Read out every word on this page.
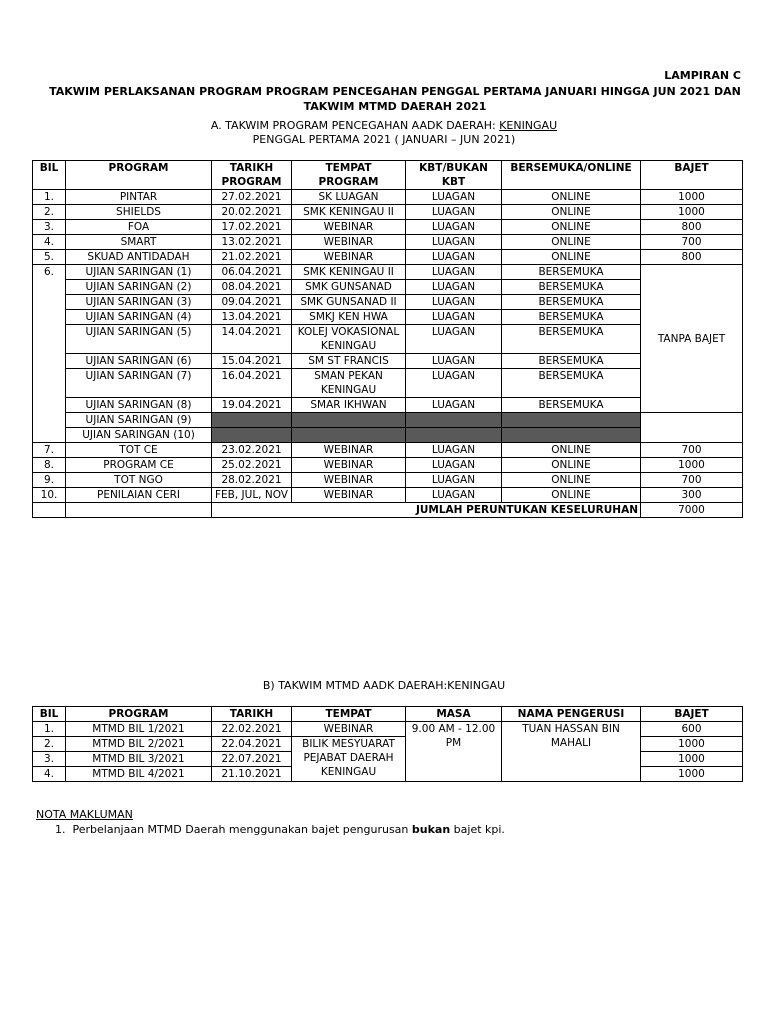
LAMPIRAN C
TAKWIM PERLAKSANAN PROGRAM PROGRAM PENCEGAHAN PENGGAL PERTAMA JANUARI HINGGA JUN 2021 DAN
TAKWIM MTMD DAERAH 2021
A. TAKWIM PROGRAM PENCEGAHAN AADK DAERAH: KENINGAU
PENGGAL PERTAMA 2021 ( JANUARI – JUN 2021)
BIL	PROGRAM	TARIKH PROGRAM	TEMPAT PROGRAM	KBT/BUKAN KBT	BERSEMUKA/ONLINE	BAJET
1.	PINTAR	27.02.2021	SK LUAGAN	LUAGAN	ONLINE	1000
2.	SHIELDS	20.02.2021	SMK KENINGAU II	LUAGAN	ONLINE	1000
3.	FOA	17.02.2021	WEBINAR	LUAGAN	ONLINE	800
4.	SMART	13.02.2021	WEBINAR	LUAGAN	ONLINE	700
5.	SKUAD ANTIDADAH	21.02.2021	WEBINAR	LUAGAN	ONLINE	800
6.	UJIAN SARINGAN (1)	06.04.2021	SMK KENINGAU II	LUAGAN	BERSEMUKA	TANPA BAJET
	UJIAN SARINGAN (2)	08.04.2021	SMK GUNSANAD	LUAGAN	BERSEMUKA	
	UJIAN SARINGAN (3)	09.04.2021	SMK GUNSANAD II	LUAGAN	BERSEMUKA	
	UJIAN SARINGAN (4)	13.04.2021	SMKJ KEN HWA	LUAGAN	BERSEMUKA	
	UJIAN SARINGAN (5)	14.04.2021	KOLEJ VOKASIONAL KENINGAU	LUAGAN	BERSEMUKA	
	UJIAN SARINGAN (6)	15.04.2021	SM ST FRANCIS	LUAGAN	BERSEMUKA	
	UJIAN SARINGAN (7)	16.04.2021	SMAN PEKAN KENINGAU	LUAGAN	BERSEMUKA	
	UJIAN SARINGAN (8)	19.04.2021	SMAR IKHWAN	LUAGAN	BERSEMUKA	
	UJIAN SARINGAN (9)					
	UJIAN SARINGAN (10)					
7.	TOT CE	23.02.2021	WEBINAR	LUAGAN	ONLINE	700
8.	PROGRAM CE	25.02.2021	WEBINAR	LUAGAN	ONLINE	1000
9.	TOT NGO	28.02.2021	WEBINAR	LUAGAN	ONLINE	700
10.	PENILAIAN CERI	FEB, JUL, NOV	WEBINAR	LUAGAN	ONLINE	300
		JUMLAH PERUNTUKAN KESELURUHAN				7000
B) TAKWIM MTMD AADK DAERAH:KENINGAU
BIL	PROGRAM	TARIKH	TEMPAT	MASA	NAMA PENGERUSI	BAJET
1.	MTMD BIL 1/2021	22.02.2021	WEBINAR	9.00 AM - 12.00 PM	TUAN HASSAN BIN MAHALI	600
2.	MTMD BIL 2/2021	22.04.2021	BILIK MESYUARAT PEJABAT DAERAH KENINGAU			1000
3.	MTMD BIL 3/2021	22.07.2021				1000
4.	MTMD BIL 4/2021	21.10.2021				1000
NOTA MAKLUMAN
1. Perbelanjaan MTMD Daerah menggunakan bajet pengurusan bukan bajet kpi.
